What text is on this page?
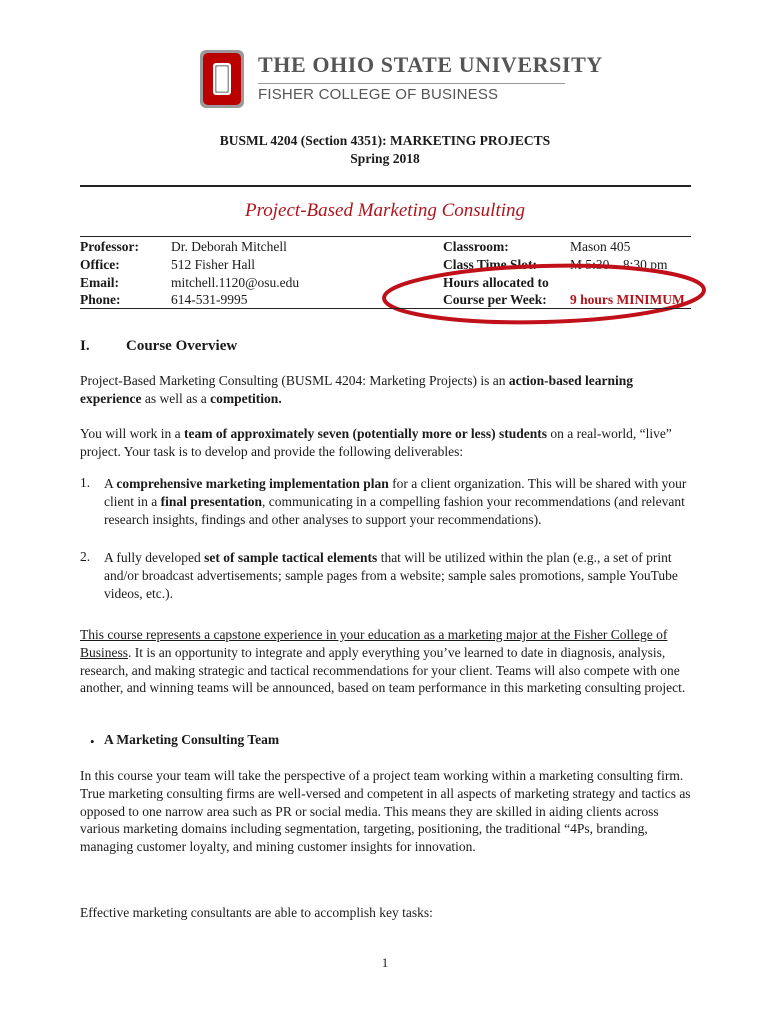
THE OHIO STATE UNIVERSITY
FISHER COLLEGE OF BUSINESS
BUSML 4204 (Section 4351): MARKETING PROJECTS
Spring 2018
Project-Based Marketing Consulting
Professor:
Office:
Email:
Phone:
Dr. Deborah Mitchell
512 Fisher Hall
mitchell.1120@osu.edu
614-531-9995
Classroom:
Class Time Slot:
Hours allocated to
Course per Week:
Mason 405
M 5:30 – 8:30 pm

9 hours MINIMUM
I. Course Overview
Project-Based Marketing Consulting (BUSML 4204: Marketing Projects) is an action-based learning experience as well as a competition.
You will work in a team of approximately seven (potentially more or less) students on a real-world, “live” project. Your task is to develop and provide the following deliverables:
1. A comprehensive marketing implementation plan for a client organization. This will be shared with your client in a final presentation, communicating in a compelling fashion your recommendations (and relevant research insights, findings and other analyses to support your recommendations).
2. A fully developed set of sample tactical elements that will be utilized within the plan (e.g., a set of print and/or broadcast advertisements; sample pages from a website; sample sales promotions, sample YouTube videos, etc.).
This course represents a capstone experience in your education as a marketing major at the Fisher College of Business. It is an opportunity to integrate and apply everything you’ve learned to date in diagnosis, analysis, research, and making strategic and tactical recommendations for your client. Teams will also compete with one another, and winning teams will be announced, based on team performance in this marketing consulting project.
• A Marketing Consulting Team
In this course your team will take the perspective of a project team working within a marketing consulting firm. True marketing consulting firms are well-versed and competent in all aspects of marketing strategy and tactics as opposed to one narrow area such as PR or social media. This means they are skilled in aiding clients across various marketing domains including segmentation, targeting, positioning, the traditional “4Ps, branding, managing customer loyalty, and mining customer insights for innovation.
Effective marketing consultants are able to accomplish key tasks:
1
